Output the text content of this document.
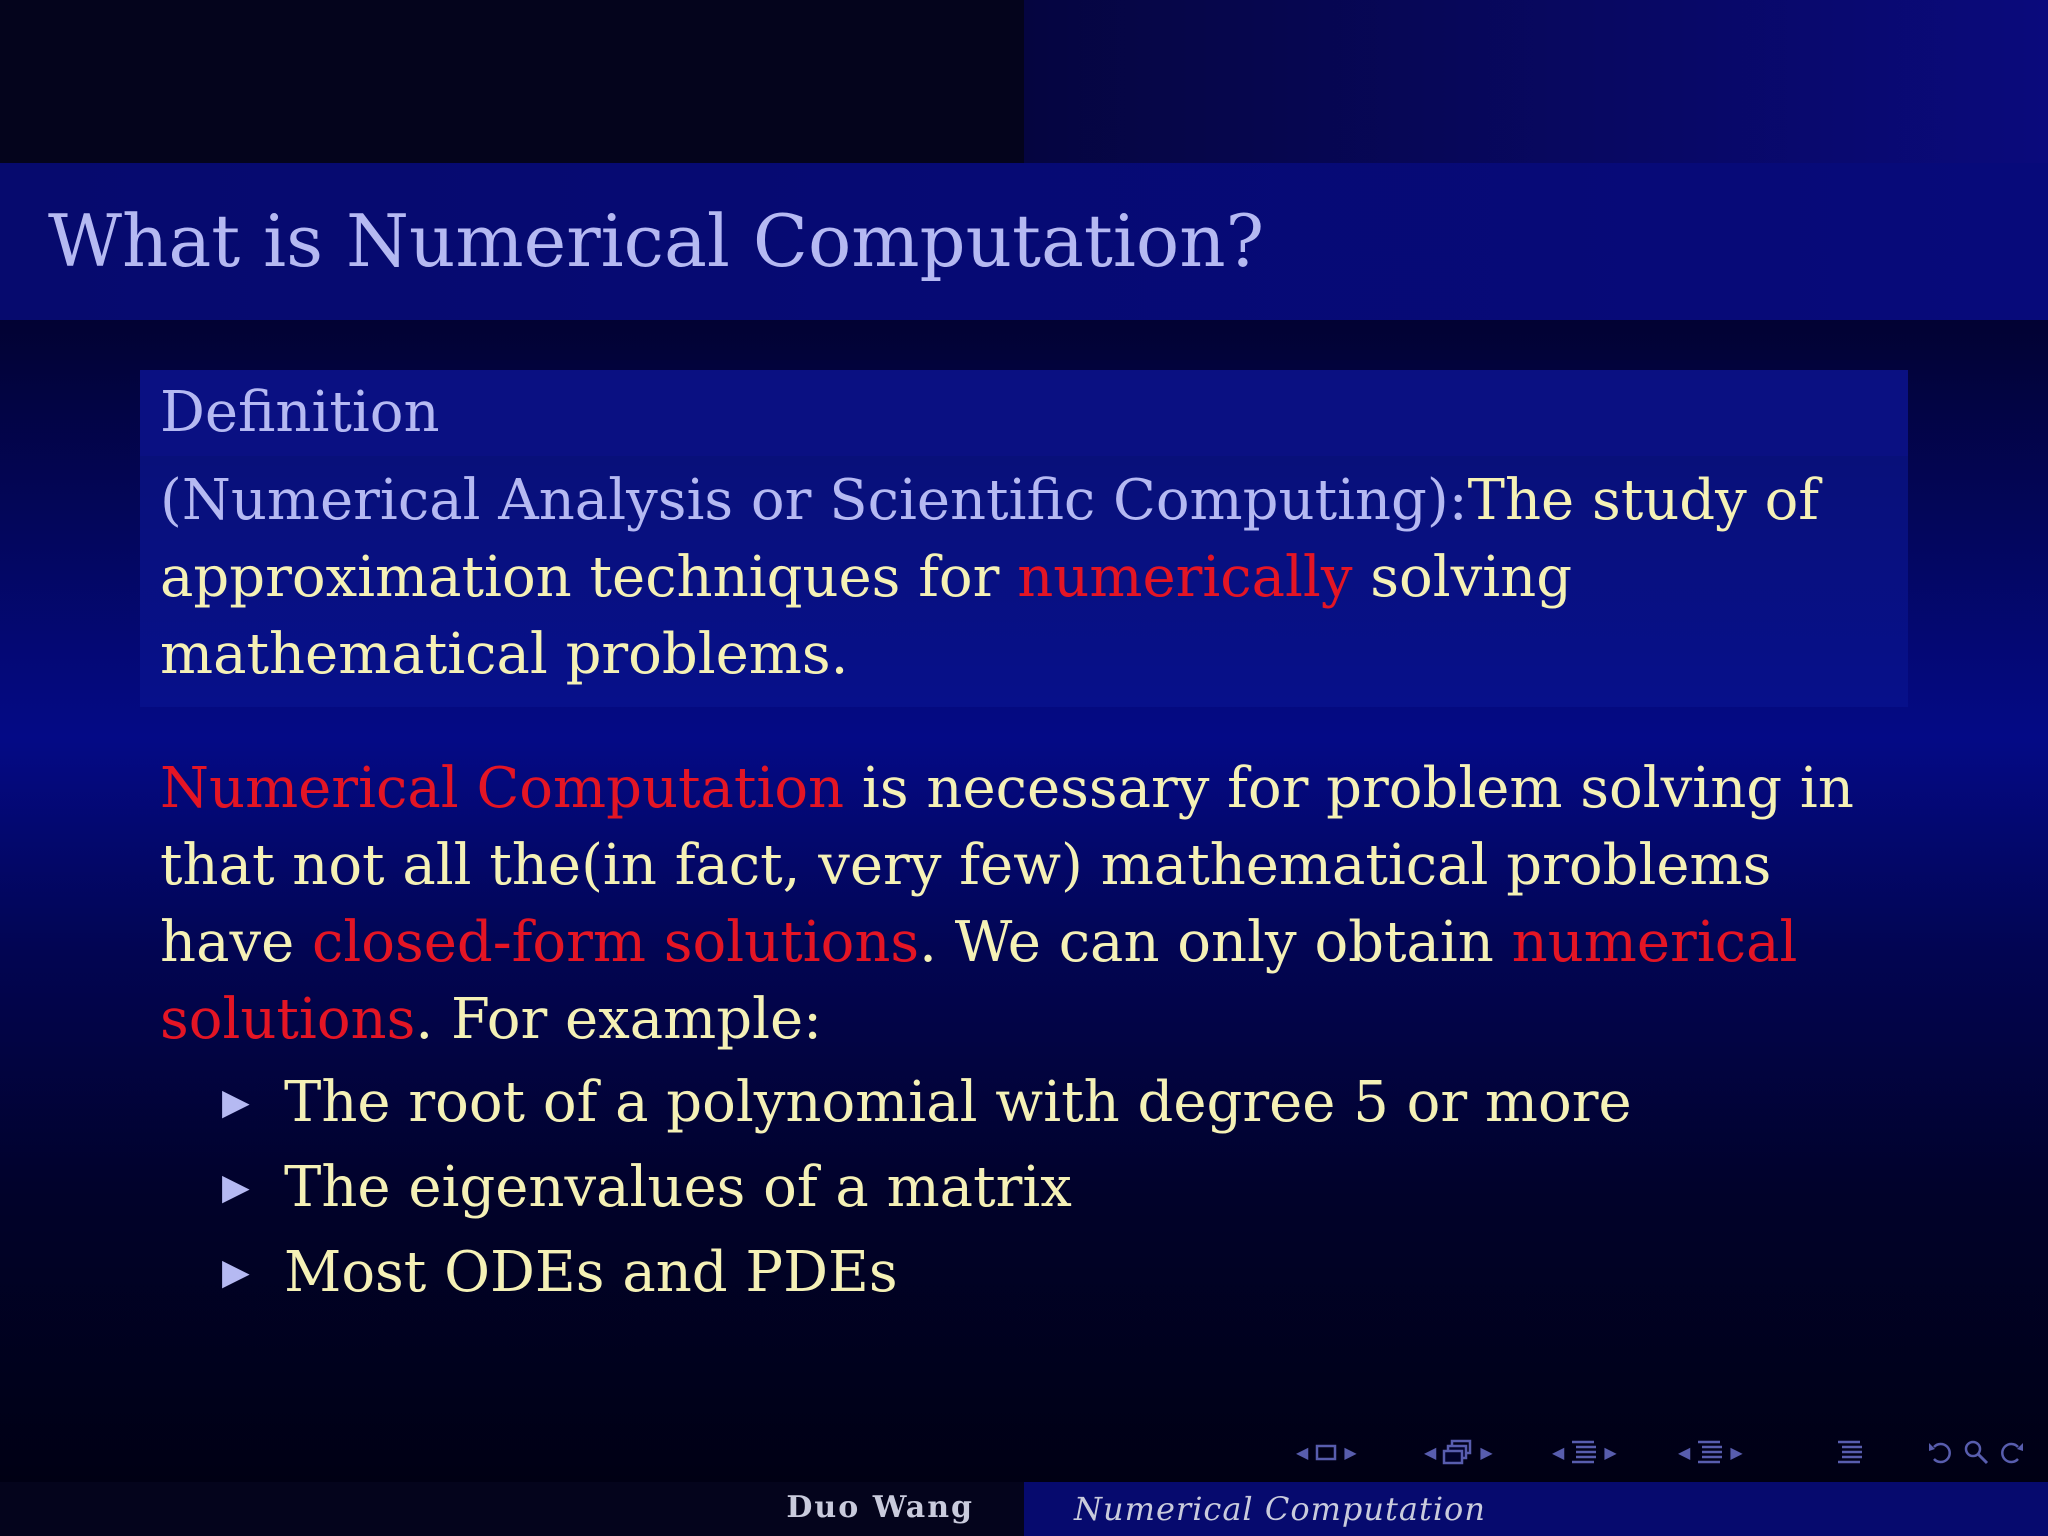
What is Numerical Computation?
Definition
(Numerical Analysis or Scientific Computing):The study of approximation techniques for numerically solving mathematical problems.
Numerical Computation is necessary for problem solving in that not all the(in fact, very few) mathematical problems have closed-form solutions. We can only obtain numerical solutions. For example:
▶ The root of a polynomial with degree 5 or more
▶ The eigenvalues of a matrix
▶ Most ODEs and PDEs
◀ ▶	◀	▶	◀	▶	◀	▶
Duo Wang	Numerical Computation
